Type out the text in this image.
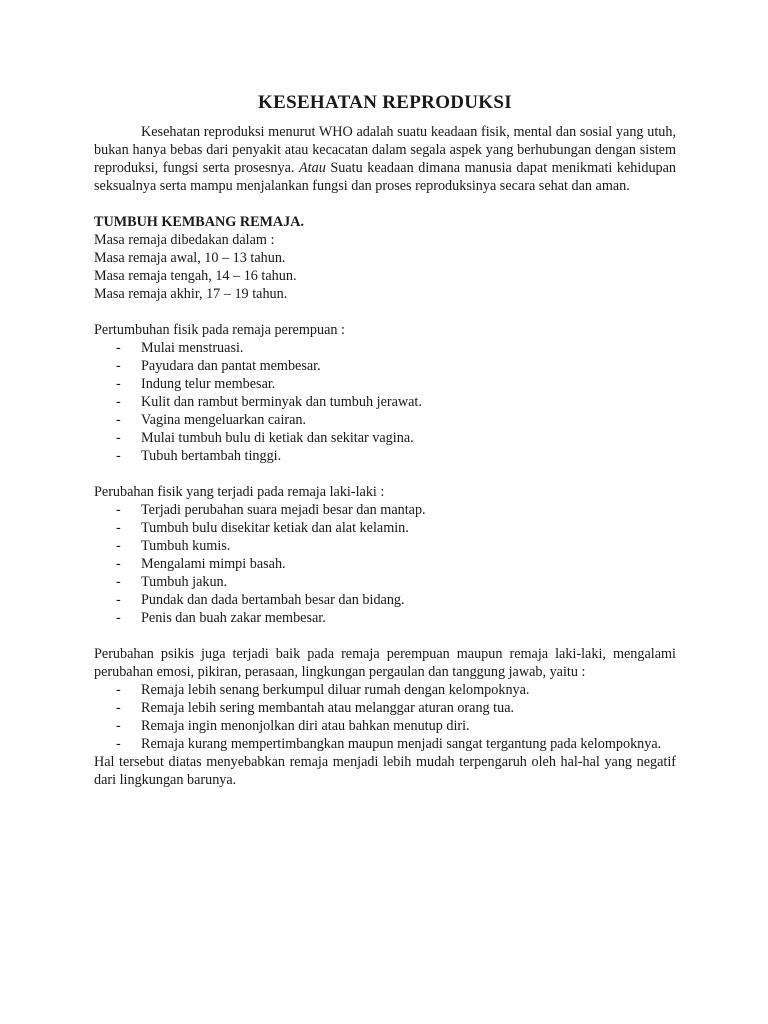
KESEHATAN REPRODUKSI

Kesehatan reproduksi menurut WHO adalah suatu keadaan fisik, mental dan sosial yang utuh, bukan hanya bebas dari penyakit atau kecacatan dalam segala aspek yang berhubungan dengan sistem reproduksi, fungsi serta prosesnya. Atau Suatu keadaan dimana manusia dapat menikmati kehidupan seksualnya serta mampu menjalankan fungsi dan proses reproduksinya secara sehat dan aman.

TUMBUH KEMBANG REMAJA.

Masa remaja dibedakan dalam :

Masa remaja awal, 10 – 13 tahun.

Masa remaja tengah, 14 – 16 tahun.

Masa remaja akhir, 17 – 19 tahun.

Pertumbuhan fisik pada remaja perempuan :

- Mulai menstruasi.
- Payudara dan pantat membesar.
- Indung telur membesar.
- Kulit dan rambut berminyak dan tumbuh jerawat.
- Vagina mengeluarkan cairan.
- Mulai tumbuh bulu di ketiak dan sekitar vagina.
- Tubuh bertambah tinggi.

Perubahan fisik yang terjadi pada remaja laki-laki :

- Terjadi perubahan suara mejadi besar dan mantap.
- Tumbuh bulu disekitar ketiak dan alat kelamin.
- Tumbuh kumis.
- Mengalami mimpi basah.
- Tumbuh jakun.
- Pundak dan dada bertambah besar dan bidang.
- Penis dan buah zakar membesar.

Perubahan psikis juga terjadi baik pada remaja perempuan maupun remaja laki-laki, mengalami perubahan emosi, pikiran, perasaan, lingkungan pergaulan dan tanggung jawab, yaitu :

- Remaja lebih senang berkumpul diluar rumah dengan kelompoknya.
- Remaja lebih sering membantah atau melanggar aturan orang tua.
- Remaja ingin menonjolkan diri atau bahkan menutup diri.
- Remaja kurang mempertimbangkan maupun menjadi sangat tergantung pada kelompoknya.

Hal tersebut diatas menyebabkan remaja menjadi lebih mudah terpengaruh oleh hal-hal yang negatif dari lingkungan barunya.
